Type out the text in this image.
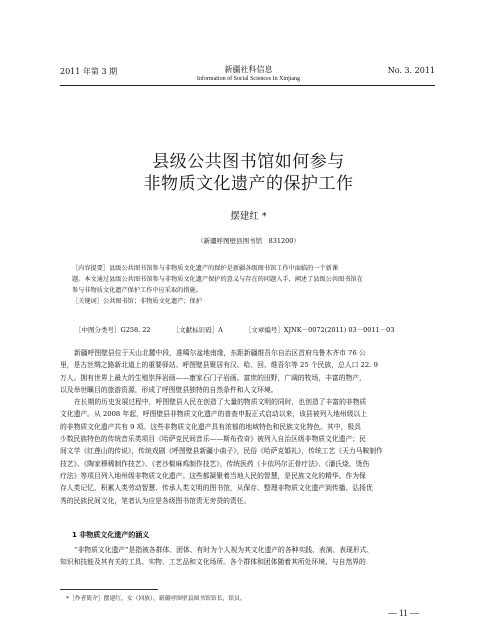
2011 年第 3 期	新疆社科信息
Information of Social Sciences In Xinjiang
No. 3. 2011
县级公共图书馆如何参与
非物质文化遗产的保护工作
摆建红 *
（新疆呼图壁县图书馆　831200）
［内容提要］县级公共图书馆参与非物质文化遗产的保护是新疆各级图书馆工作中面临的一个新课
题。本文通过县级公共图书馆参与非物质文化遗产保护的意义与存在的问题入手，阐述了县级公共图书馆在
参与非物质文化遗产保护工作中应采取的措施。
［关键词］公共图书馆；非物质文化遗产；保护
［中图分类号］G258. 22	［文献标识码］A	［文章编号］XJNK－0072(2011) 03－0011－03
新疆呼图壁县位于天山北麓中段，准噶尔盆地南缘，东距新疆维吾尔自治区首府乌鲁木齐市 76 公
里，是古丝绸之路新北道上的重要驿站。呼图壁县聚居有汉、哈、回、维吾尔等 25 个民族，总人口 22. 9
万人。拥有世界上最大的生殖崇拜岩画——康家石门子岩画。富庶的田野，广阔的牧场，丰富的物产，
以及举世瞩目的旅游资源，形成了呼图壁县独特的自然条件和人文环境。
在长期的历史发展过程中，呼图壁县人民在创造了大量的物质文明的同时，也创造了丰富的非物质
文化遗产。从 2008 年起，呼图壁县非物质文化遗产的普查申报正式启动以来，该县被列入地州级以上
的非物质文化遗产共有 9 项。这些非物质文化遗产具有浓郁的地域特色和民族文化特色。其中，极具
少数民族特色的传统音乐类项目《哈萨克民间音乐——斯布孜奇》被列入自治区级非物质文化遗产；民
间文学《红莲山的传说》，传统戏剧《呼图壁县新疆小曲子》，民俗《哈萨克婚礼》，传统工艺《天力马鞍制作
技艺》、《陶家穆稀制作技艺》、《老沙椒麻鸡制作技艺》，传统医药《卡依玛尔正骨疗法》、《潘氏烧、烫伤
疗法》等项目列入地州级非物质文化遗产。这些都凝聚着当地人民的智慧，是民族文化的精华。作为保
存人类记忆、积累人类劳动智慧、传承人类文明的图书馆，从保存、整理非物质文化遗产到传播、弘扬优
秀的民族民间文化，笔者认为应是各级图书馆责无旁贷的责任。
1 非物质文化遗产的涵义
“非物质文化遗产”是指被各群体、团体、有时为个人视为其文化遗产的各种实践、表演、表现形式、
知识和技能及其有关的工具、实物、工艺品和文化场所。各个群体和团体随着其所处环境、与自然界的
*［作者简介］摆建红，女（回族），新疆呼图壁县图书馆馆长，馆员。
— 11 —
